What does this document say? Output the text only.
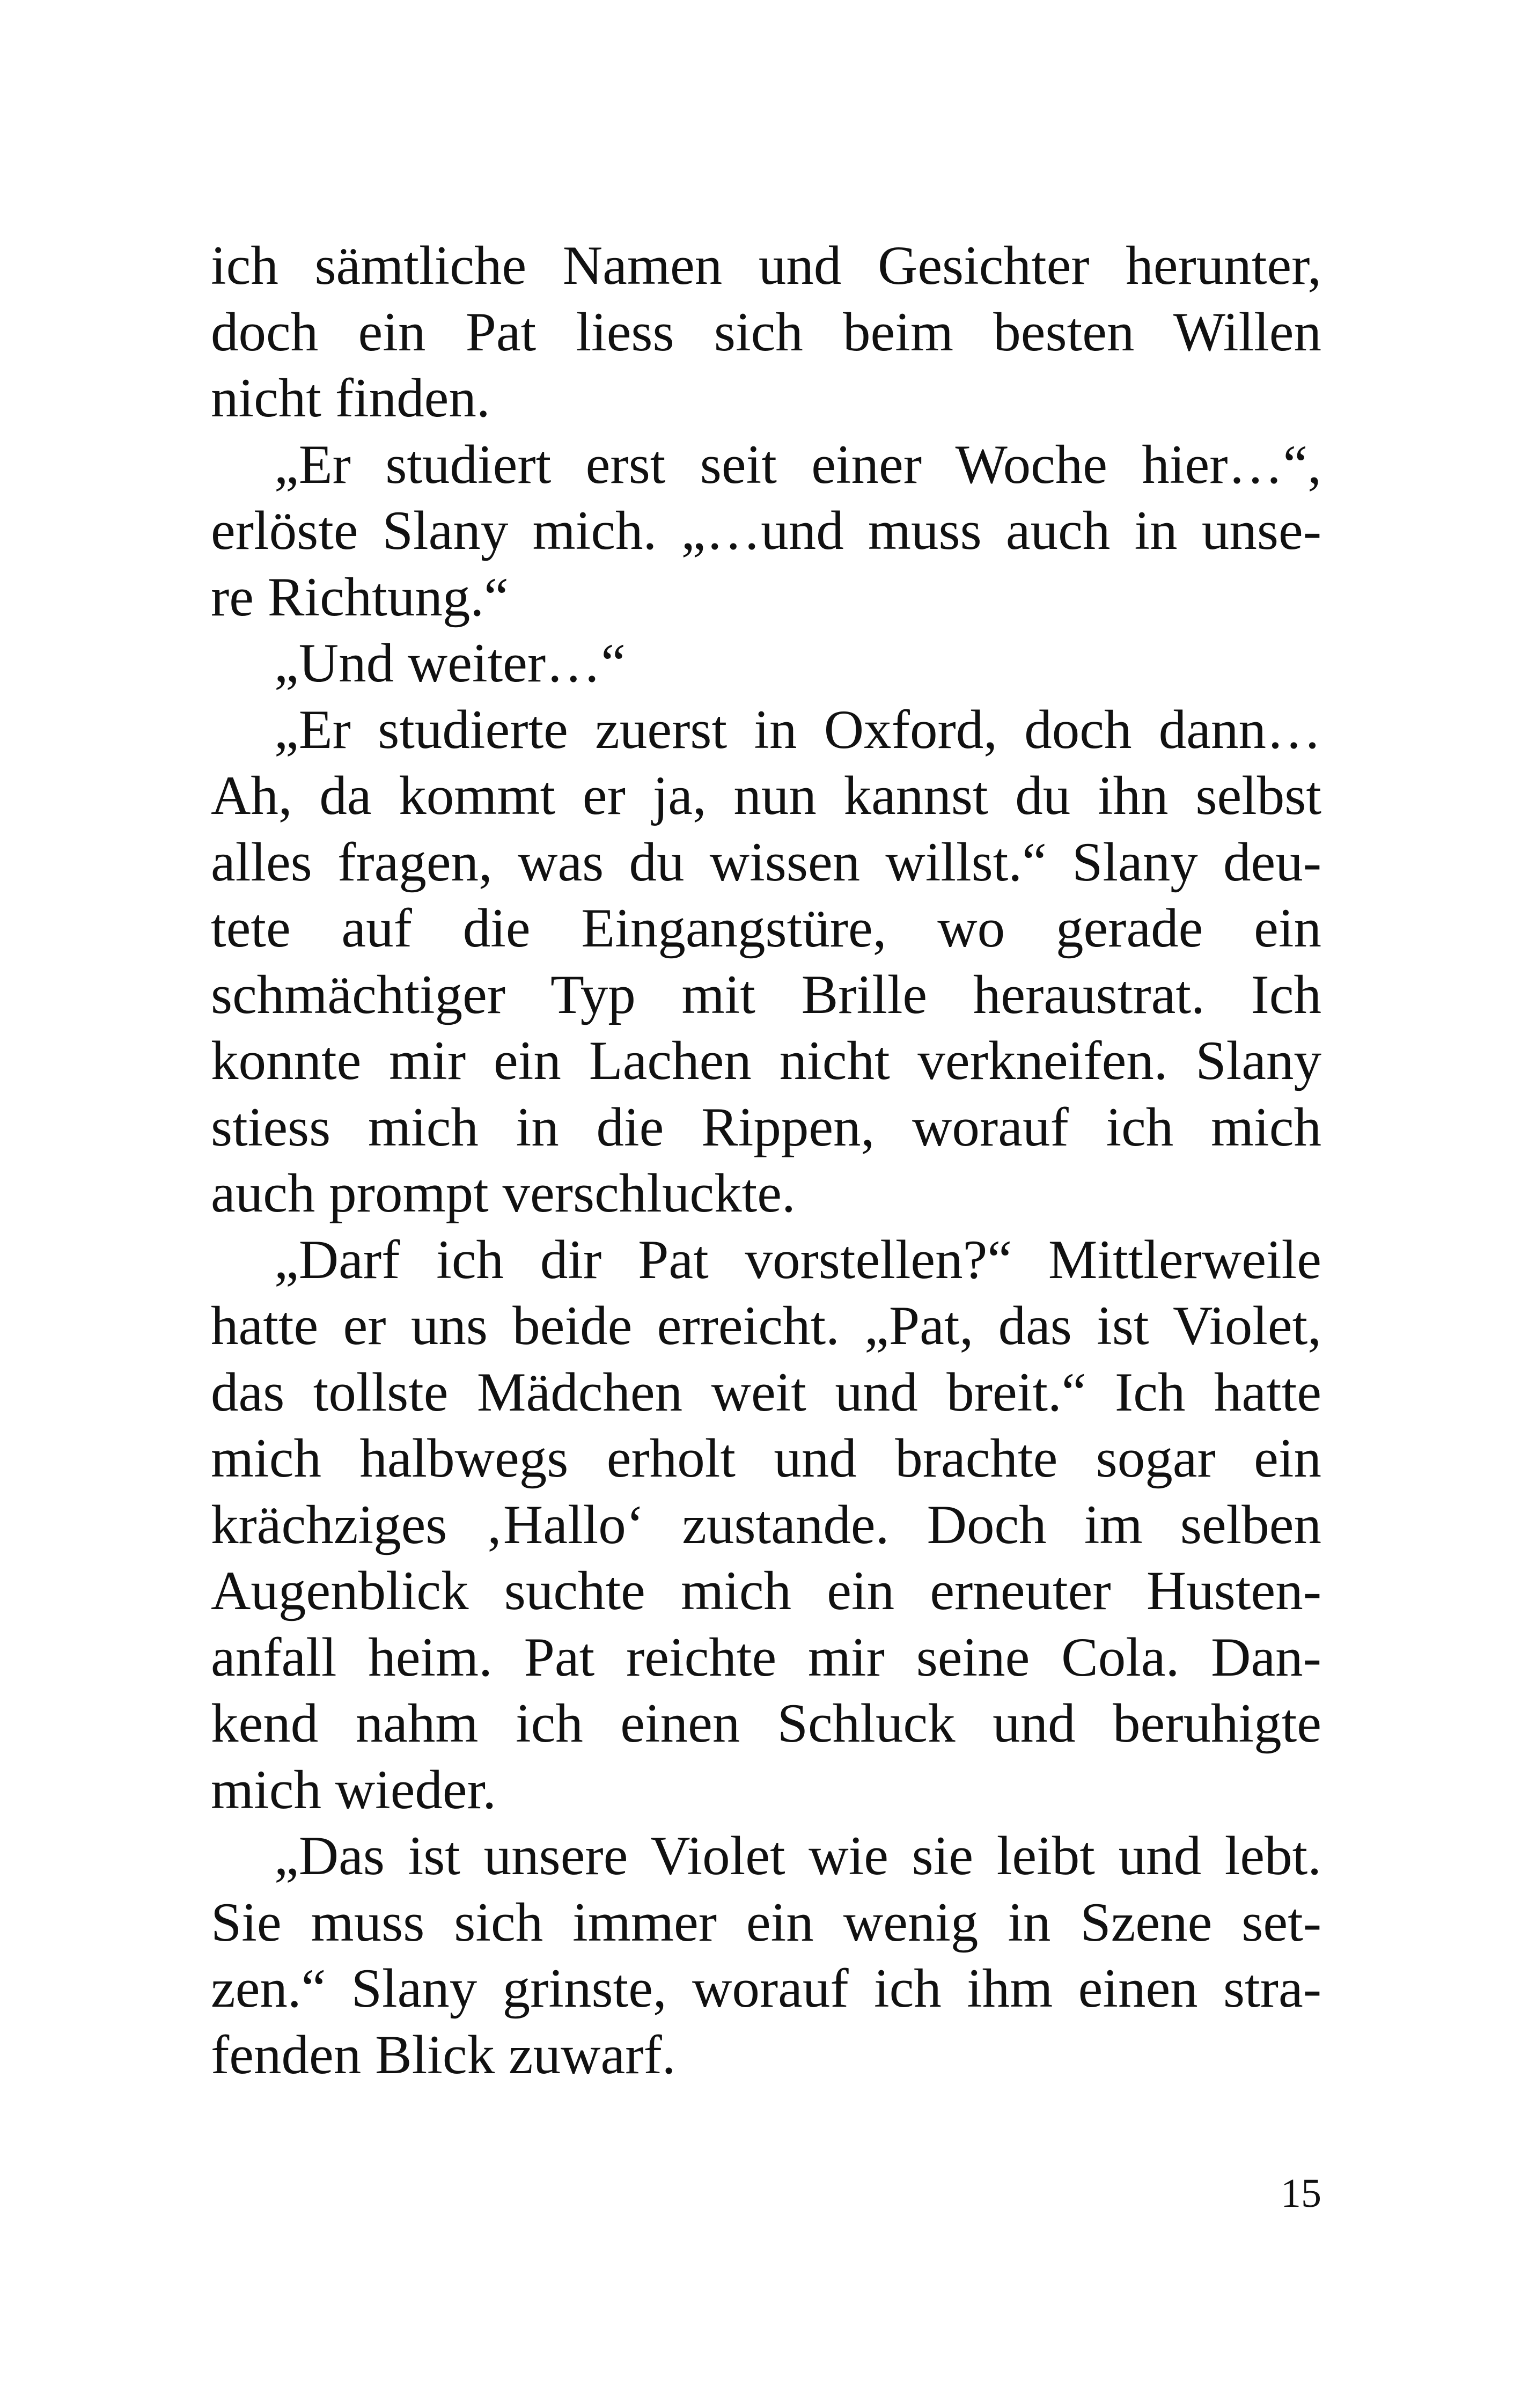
ich sämtliche Namen und Gesichter herunter,
doch ein Pat liess sich beim besten Willen
nicht finden.
„Er studiert erst seit einer Woche hier…“,
erlöste Slany mich. „…und muss auch in unse-
re Richtung.“
„Und weiter…“
„Er studierte zuerst in Oxford, doch dann…
Ah, da kommt er ja, nun kannst du ihn selbst
alles fragen, was du wissen willst.“ Slany deu-
tete auf die Eingangstüre, wo gerade ein
schmächtiger Typ mit Brille heraustrat. Ich
konnte mir ein Lachen nicht verkneifen. Slany
stiess mich in die Rippen, worauf ich mich
auch prompt verschluckte.
„Darf ich dir Pat vorstellen?“ Mittlerweile
hatte er uns beide erreicht. „Pat, das ist Violet,
das tollste Mädchen weit und breit.“ Ich hatte
mich halbwegs erholt und brachte sogar ein
krächziges ‚Hallo‘ zustande. Doch im selben
Augenblick suchte mich ein erneuter Husten-
anfall heim. Pat reichte mir seine Cola. Dan-
kend nahm ich einen Schluck und beruhigte
mich wieder.
„Das ist unsere Violet wie sie leibt und lebt.
Sie muss sich immer ein wenig in Szene set-
zen.“ Slany grinste, worauf ich ihm einen stra-
fenden Blick zuwarf.
15
